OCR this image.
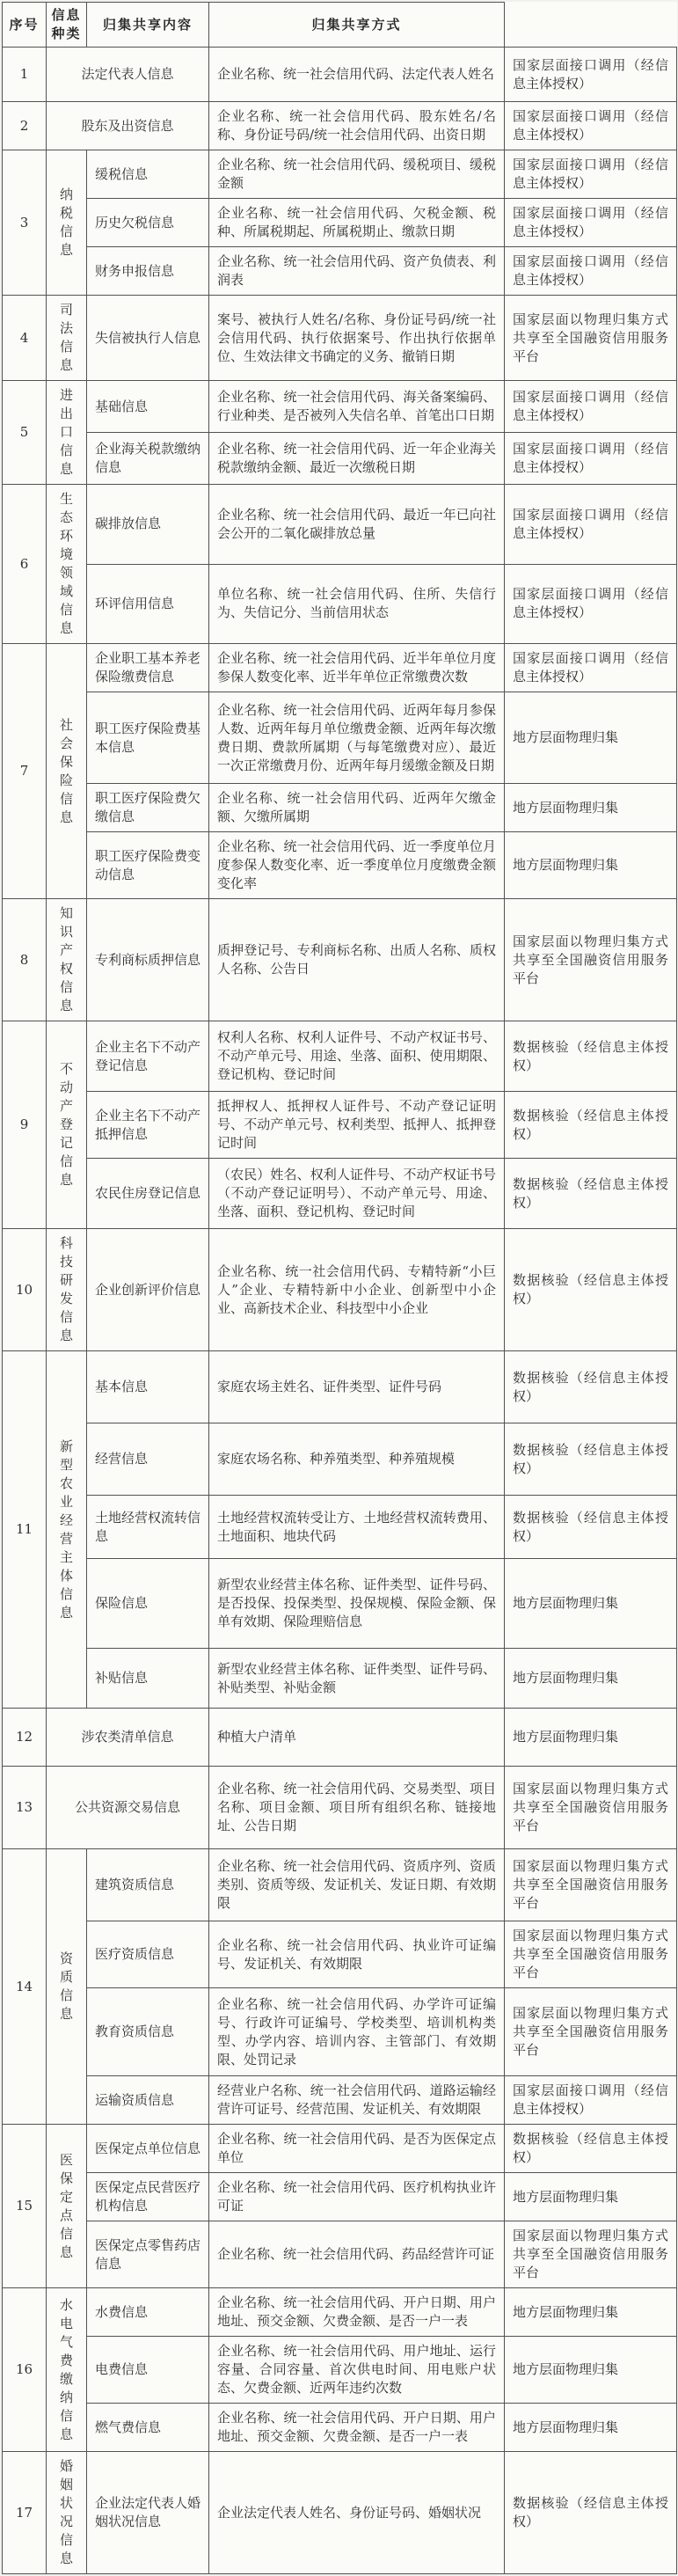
序号	信息种类	归集共享内容	归集共享方式	
1	法定代表人信息		企业名称、统一社会信用代码、法定代表人姓名	国家层面接口调用（经信息主体授权）
2	股东及出资信息		企业名称、统一社会信用代码、股东姓名/名称、身份证号码/统一社会信用代码、出资日期	国家层面接口调用（经信息主体授权）
3	纳税信息	缓税信息	企业名称、统一社会信用代码、缓税项目、缓税金额	国家层面接口调用（经信息主体授权）
		历史欠税信息	企业名称、统一社会信用代码、欠税金额、税种、所属税期起、所属税期止、缴款日期	国家层面接口调用（经信息主体授权）
		财务申报信息	企业名称、统一社会信用代码、资产负债表、利润表	国家层面接口调用（经信息主体授权）
4	司法信息	失信被执行人信息	案号、被执行人姓名/名称、身份证号码/统一社会信用代码、执行依据案号、作出执行依据单位、生效法律文书确定的义务、撤销日期	国家层面以物理归集方式共享至全国融资信用服务平台
5	进出口信息	基础信息	企业名称、统一社会信用代码、海关备案编码、行业种类、是否被列入失信名单、首笔出口日期	国家层面接口调用（经信息主体授权）
		企业海关税款缴纳信息	企业名称、统一社会信用代码、近一年企业海关税款缴纳金额、最近一次缴税日期	国家层面接口调用（经信息主体授权）
6	生态环境领域信息	碳排放信息	企业名称、统一社会信用代码、最近一年已向社会公开的二氧化碳排放总量	国家层面接口调用（经信息主体授权）
		环评信用信息	单位名称、统一社会信用代码、住所、失信行为、失信记分、当前信用状态	国家层面接口调用（经信息主体授权）
7	社会保险信息	企业职工基本养老保险缴费信息	企业名称、统一社会信用代码、近半年单位月度参保人数变化率、近半年单位正常缴费次数	国家层面接口调用（经信息主体授权）
		职工医疗保险费基本信息	企业名称、统一社会信用代码、近两年每月参保人数、近两年每月单位缴费金额、近两年每次缴费日期、费款所属期（与每笔缴费对应）、最近一次正常缴费月份、近两年每月缓缴金额及日期	地方层面物理归集
		职工医疗保险费欠缴信息	企业名称、统一社会信用代码、近两年欠缴金额、欠缴所属期	地方层面物理归集
		职工医疗保险费变动信息	企业名称、统一社会信用代码、近一季度单位月度参保人数变化率、近一季度单位月度缴费金额变化率	地方层面物理归集
8	知识产权信息	专利商标质押信息	质押登记号、专利商标名称、出质人名称、质权人名称、公告日	国家层面以物理归集方式共享至全国融资信用服务平台
9	不动产登记信息	企业主名下不动产登记信息	权利人名称、权利人证件号、不动产权证书号、不动产单元号、用途、坐落、面积、使用期限、登记机构、登记时间	数据核验（经信息主体授权）
		企业主名下不动产抵押信息	抵押权人、抵押权人证件号、不动产登记证明号、不动产单元号、权利类型、抵押人、抵押登记时间	数据核验（经信息主体授权）
		农民住房登记信息	（农民）姓名、权利人证件号、不动产权证书号（不动产登记证明号）、不动产单元号、用途、坐落、面积、登记机构、登记时间	数据核验（经信息主体授权）
10	科技研发信息	企业创新评价信息	企业名称、统一社会信用代码、专精特新“小巨人”企业、专精特新中小企业、创新型中小企业、高新技术企业、科技型中小企业	数据核验（经信息主体授权）
11	新型农业经营主体信息	基本信息	家庭农场主姓名、证件类型、证件号码	数据核验（经信息主体授权）
		经营信息	家庭农场名称、种养殖类型、种养殖规模	数据核验（经信息主体授权）
		土地经营权流转信息	土地经营权流转受让方、土地经营权流转费用、土地面积、地块代码	数据核验（经信息主体授权）
		保险信息	新型农业经营主体名称、证件类型、证件号码、是否投保、投保类型、投保规模、保险金额、保单有效期、保险理赔信息	地方层面物理归集
		补贴信息	新型农业经营主体名称、证件类型、证件号码、补贴类型、补贴金额	地方层面物理归集
12	涉农类清单信息		种植大户清单	地方层面物理归集
13	公共资源交易信息		企业名称、统一社会信用代码、交易类型、项目名称、项目金额、项目所有组织名称、链接地址、公告日期	国家层面以物理归集方式共享至全国融资信用服务平台
14	资质信息	建筑资质信息	企业名称、统一社会信用代码、资质序列、资质类别、资质等级、发证机关、发证日期、有效期限	国家层面以物理归集方式共享至全国融资信用服务平台
		医疗资质信息	企业名称、统一社会信用代码、执业许可证编号、发证机关、有效期限	国家层面以物理归集方式共享至全国融资信用服务平台
		教育资质信息	企业名称、统一社会信用代码、办学许可证编号、行政许可证编号、学校类型、培训机构类型、办学内容、培训内容、主管部门、有效期限、处罚记录	国家层面以物理归集方式共享至全国融资信用服务平台
		运输资质信息	经营业户名称、统一社会信用代码、道路运输经营许可证号、经营范围、发证机关、有效期限	国家层面接口调用（经信息主体授权）
15	医保定点信息	医保定点单位信息	企业名称、统一社会信用代码、是否为医保定点单位	数据核验（经信息主体授权）
		医保定点民营医疗机构信息	企业名称、统一社会信用代码、医疗机构执业许可证	地方层面物理归集
		医保定点零售药店信息	企业名称、统一社会信用代码、药品经营许可证	国家层面以物理归集方式共享至全国融资信用服务平台
16	水电气费缴纳信息	水费信息	企业名称、统一社会信用代码、开户日期、用户地址、预交金额、欠费金额、是否一户一表	地方层面物理归集
		电费信息	企业名称、统一社会信用代码、用户地址、运行容量、合同容量、首次供电时间、用电账户状态、欠费金额、近两年违约次数	地方层面物理归集
		燃气费信息	企业名称、统一社会信用代码、开户日期、用户地址、预交金额、欠费金额、是否一户一表	地方层面物理归集
17	婚姻状况信息	企业法定代表人婚姻状况信息	企业法定代表人姓名、身份证号码、婚姻状况	数据核验（经信息主体授权）
